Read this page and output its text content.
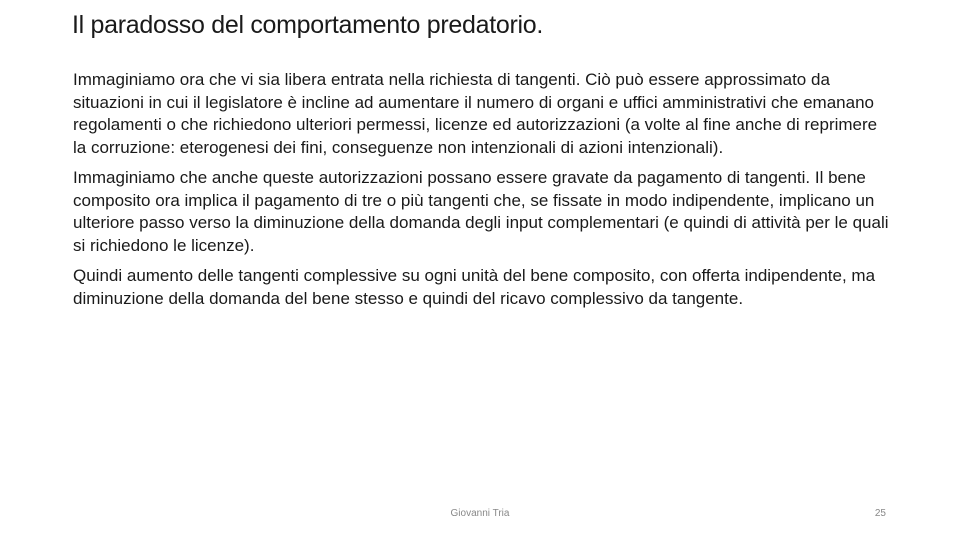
Il paradosso del comportamento predatorio.

Immaginiamo ora che vi sia libera entrata nella richiesta di tangenti. Ciò può essere approssimato da situazioni in cui il legislatore è incline ad aumentare il numero di organi e uffici amministrativi che emanano regolamenti o che richiedono ulteriori permessi, licenze ed autorizzazioni (a volte al fine anche di reprimere la corruzione: eterogenesi dei fini, conseguenze non intenzionali di azioni intenzionali).

Immaginiamo che anche queste autorizzazioni possano essere gravate da pagamento di tangenti. Il bene composito ora implica il pagamento di tre o più tangenti che, se fissate in modo indipendente, implicano un ulteriore passo verso la diminuzione della domanda degli input complementari (e quindi di attività per le quali si richiedono le licenze).

Quindi aumento delle tangenti complessive su ogni unità del bene composito, con offerta indipendente, ma diminuzione della domanda del bene stesso e quindi del ricavo complessivo da tangente.

Giovanni Tria	25
